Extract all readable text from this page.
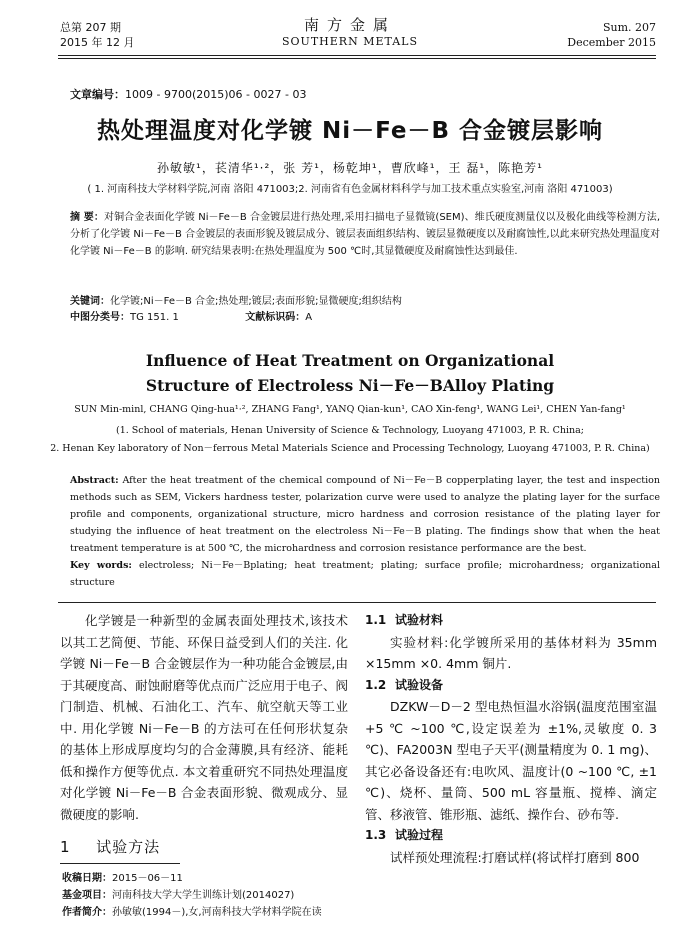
总第 207 期
2015 年 12 月
南方金属
SOUTHERN METALS
Sum. 207
December 2015
文章编号：1009 - 9700(2015)06 - 0027 - 03
热处理温度对化学镀 Ni－Fe－B 合金镀层影响
孙敏敏¹，苌清华¹·²，张 芳¹，杨乾坤¹，曹欣峰¹，王 磊¹，陈艳芳¹
( 1. 河南科技大学材料学院,河南 洛阳 471003;2. 河南省有色金属材料科学与加工技术重点实验室,河南 洛阳 471003)
摘 要：对铜合金表面化学镀 Ni－Fe－B 合金镀层进行热处理,采用扫描电子显微镜(SEM)、维氏硬度测量仪以及极化曲线等检测方法,分析了化学镀 Ni－Fe－B 合金镀层的表面形貌及镀层成分、镀层表面组织结构、镀层显微硬度以及耐腐蚀性,以此来研究热处理温度对化学镀 Ni－Fe－B 的影响. 研究结果表明:在热处理温度为 500 ℃时,其显微硬度及耐腐蚀性达到最佳.
关键词：化学镀;Ni－Fe－B 合金;热处理;镀层;表面形貌;显微硬度;组织结构
中图分类号：TG 151. 1	文献标识码：A
Influence of Heat Treatment on Organizational
Structure of Electroless Ni－Fe－BAlloy Plating
SUN Min-minl, CHANG Qing-hua¹·², ZHANG Fang¹, YANQ Qian-kun¹, CAO Xin-feng¹, WANG Lei¹, CHEN Yan-fang¹
(1. School of materials, Henan University of Science & Technology, Luoyang 471003, P. R. China;
2. Henan Key laboratory of Non－ferrous Metal Materials Science and Processing Technology, Luoyang 471003, P. R. China)
Abstract: After the heat treatment of the chemical compound of Ni－Fe－B copperplating layer, the test and inspection methods such as SEM, Vickers hardness tester, polarization curve were used to analyze the plating layer for the surface profile and components, organizational structure, micro hardness and corrosion resistance of the plating layer for studying the influence of heat treatment on the electroless Ni－Fe－B plating. The findings show that when the heat treatment temperature is at 500 ℃, the microhardness and corrosion resistance performance are the best.
Key words: electroless; Ni－Fe－Bplating; heat treatment; plating; surface profile; microhardness; organizational structure

化学镀是一种新型的金属表面处理技术,该技术以其工艺简便、节能、环保日益受到人们的关注. 化学镀 Ni－Fe－B 合金镀层作为一种功能合金镀层,由于其硬度高、耐蚀耐磨等优点而广泛应用于电子、阀门制造、机械、石油化工、汽车、航空航天等工业中. 用化学镀 Ni－Fe－B 的方法可在任何形状复杂的基体上形成厚度均匀的合金薄膜,具有经济、能耗低和操作方便等优点. 本文着重研究不同热处理温度对化学镀 Ni－Fe－B 合金表面形貌、微观成分、显微硬度的影响.

1 试验方法

1.1 试验材料

实验材料:化学镀所采用的基体材料为 35mm ×15mm ×0. 4mm 铜片.

1.2 试验设备

DZKW－D－2 型电热恒温水浴锅(温度范围室温 +5 ℃ ~100 ℃,设定误差为 ±1%,灵敏度 0. 3 ℃)、FA2003N 型电子天平(测量精度为 0. 1 mg)、其它必备设备还有:电吹风、温度计(0 ~100 ℃, ±1 ℃)、烧杯、量筒、500 mL 容量瓶、搅棒、滴定管、移液管、锥形瓶、滤纸、操作台、砂布等.

1.3 试验过程

试样预处理流程:打磨试样(将试样打磨到 800

收稿日期：2015－06－11
基金项目：河南科技大学大学生训练计划(2014027)
作者简介：孙敏敏(1994－),女,河南科技大学材料学院在读
